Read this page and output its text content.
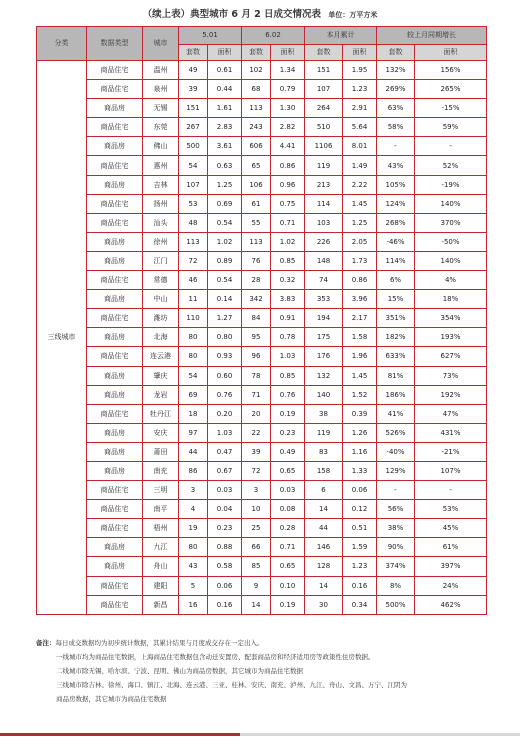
（续上表）典型城市 6 月 2 日成交情况表 单位：万平方米
分类	数据类型	城市	5.01		6.02		本月累计		较上月同期增长	
			套数	面积	套数	面积	套数	面积	套数	面积
三线城市	商品住宅	温州	49	0.61	102	1.34	151	1.95	132%	156%
	商品住宅	泉州	39	0.44	68	0.79	107	1.23	269%	265%
	商品房	无锡	151	1.61	113	1.30	264	2.91	63%	-15%
	商品住宅	东莞	267	2.83	243	2.82	510	5.64	58%	59%
	商品房	佛山	500	3.61	606	4.41	1106	8.01	-	-
	商品住宅	惠州	54	0.63	65	0.86	119	1.49	43%	52%
	商品房	吉林	107	1.25	106	0.96	213	2.22	105%	-19%
	商品住宅	扬州	53	0.69	61	0.75	114	1.45	124%	140%
	商品住宅	汕头	48	0.54	55	0.71	103	1.25	268%	370%
	商品房	徐州	113	1.02	113	1.02	226	2.05	-46%	-50%
	商品房	江门	72	0.89	76	0.85	148	1.73	114%	140%
	商品住宅	常德	46	0.54	28	0.32	74	0.86	6%	4%
	商品房	中山	11	0.14	342	3.83	353	3.96	15%	18%
	商品住宅	潍坊	110	1.27	84	0.91	194	2.17	351%	354%
	商品房	北海	80	0.80	95	0.78	175	1.58	182%	193%
	商品住宅	连云港	80	0.93	96	1.03	176	1.96	633%	627%
	商品房	肇庆	54	0.60	78	0.85	132	1.45	81%	73%
	商品房	龙岩	69	0.76	71	0.76	140	1.52	186%	192%
	商品住宅	牡丹江	18	0.20	20	0.19	38	0.39	41%	47%
	商品房	安庆	97	1.03	22	0.23	119	1.26	526%	431%
	商品房	莆田	44	0.47	39	0.49	83	1.16	-40%	-21%
	商品房	南充	86	0.67	72	0.65	158	1.33	129%	107%
	商品住宅	三明	3	0.03	3	0.03	6	0.06	-	-
	商品住宅	南平	4	0.04	10	0.08	14	0.12	56%	53%
	商品住宅	梧州	19	0.23	25	0.28	44	0.51	38%	45%
	商品房	九江	80	0.88	66	0.71	146	1.59	90%	61%
	商品房	舟山	43	0.58	85	0.65	128	1.23	374%	397%
	商品住宅	建阳	5	0.06	9	0.10	14	0.16	8%	24%
	商品住宅	新昌	16	0.16	14	0.19	30	0.34	500%	462%
备注：每日成交数据均为初步统计数据，其累计结果与月度成交存在一定出入。
一线城市均为商品住宅数据，上海商品住宅数据包含动迁安置房、配套商品房和经济适用房等政策性住房数据。
二线城市除无锡、哈尔滨、宁波、昆明、佛山为商品房数据，其它城市为商品住宅数据
三线城市除吉林、徐州、海口、镇江、北海、连云港、三亚、桂林、安庆、南充、泸州、九江、舟山、文昌、万宁、江阴为
商品房数据，其它城市为商品住宅数据
